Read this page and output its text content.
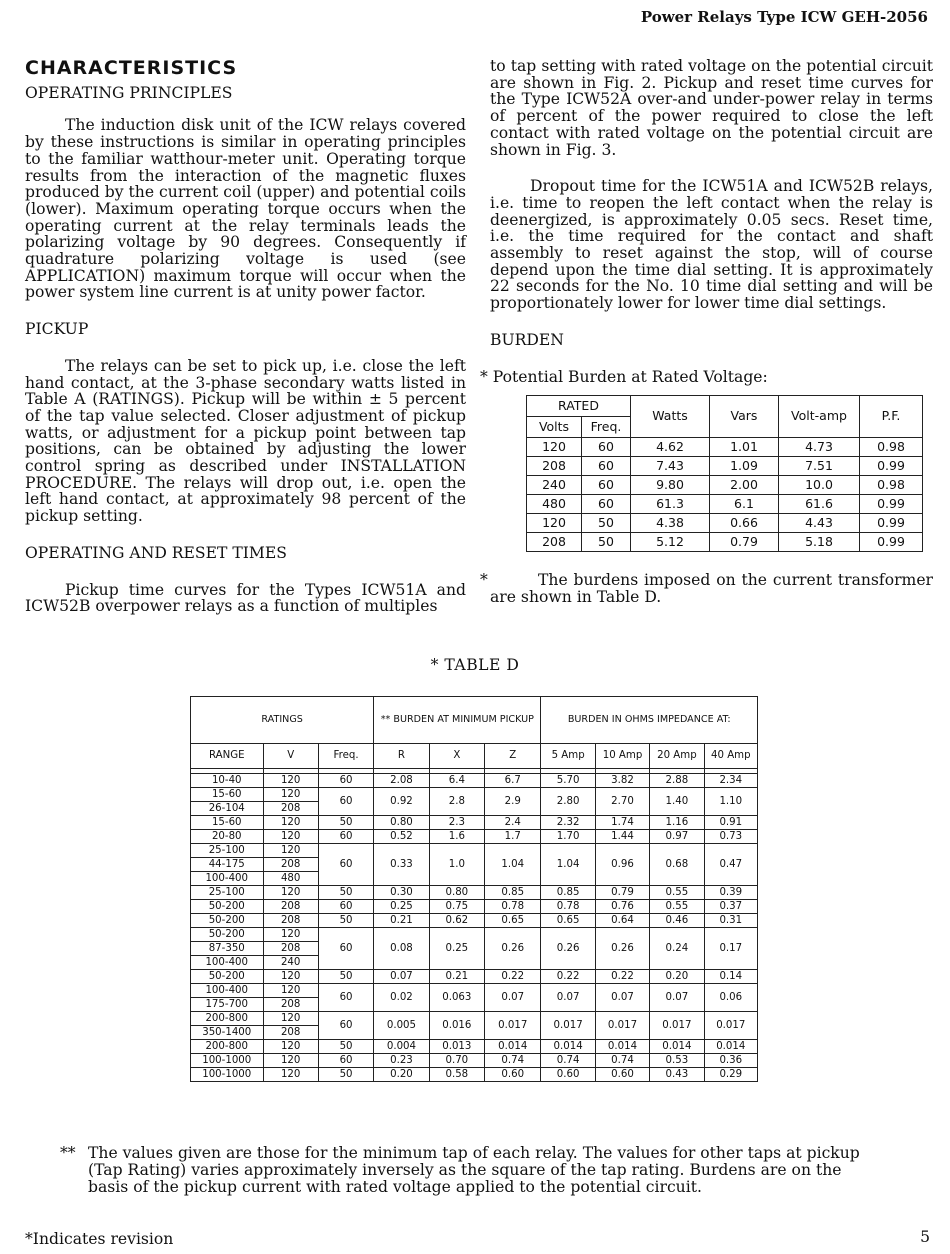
Power Relays Type ICW GEH-2056
CHARACTERISTICS
OPERATING PRINCIPLES

The induction disk unit of the ICW relays covered by these instructions is similar in operating principles to the familiar watthour-meter unit. Operating torque results from the interaction of the magnetic fluxes produced by the current coil (upper) and potential coils (lower). Maximum operating torque occurs when the operating current at the relay terminals leads the polarizing voltage by 90 degrees. Consequently if quadrature polarizing voltage is used (see APPLICATION) maximum torque will occur when the power system line current is at unity power factor.

PICKUP

The relays can be set to pick up, i.e. close the left hand contact, at the 3-phase secondary watts listed in Table A (RATINGS). Pickup will be within ± 5 percent of the tap value selected. Closer adjustment of pickup watts, or adjustment for a pickup point between tap positions, can be obtained by adjusting the lower control spring as described under INSTALLATION PROCEDURE. The relays will drop out, i.e. open the left hand contact, at approximately 98 percent of the pickup setting.

OPERATING AND RESET TIMES

Pickup time curves for the Types ICW51A and ICW52B overpower relays as a function of multiples

to tap setting with rated voltage on the potential circuit are shown in Fig. 2. Pickup and reset time curves for the Type ICW52A over-and under-power relay in terms of percent of the power required to close the left contact with rated voltage on the potential circuit are shown in Fig. 3.

Dropout time for the ICW51A and ICW52B relays, i.e. time to reopen the left contact when the relay is deenergized, is approximately 0.05 secs. Reset time, i.e. the time required for the contact and shaft assembly to reset against the stop, will of course depend upon the time dial setting. It is approximately 22 seconds for the No. 10 time dial setting and will be proportionately lower for lower time dial settings.

BURDEN
* Potential Burden at Rated Voltage:
RATED		Watts	Vars	Volt-amp	P.F.
Volts	Freq.				
120	60	4.62	1.01	4.73	0.98
208	60	7.43	1.09	7.51	0.99
240	60	9.80	2.00	10.0	0.98
480	60	61.3	6.1	61.6	0.99
120	50	4.38	0.66	4.43	0.99
208	50	5.12	0.79	5.18	0.99
*	The burdens imposed on the current transformer are shown in Table D.

* TABLE D
RATINGS			** BURDEN AT MINIMUM PICKUP			BURDEN IN OHMS IMPEDANCE AT:			
RANGE	V	Freq.	R	X	Z	5 Amp	10 Amp	20 Amp	40 Amp

10-40	120	60	2.08	6.4	6.7	5.70	3.82	2.88	2.34
15-60	120	60	0.92	2.8	2.9	2.80	2.70	1.40	1.10
26-104	208								
15-60	120	50	0.80	2.3	2.4	2.32	1.74	1.16	0.91
20-80	120	60	0.52	1.6	1.7	1.70	1.44	0.97	0.73
25-100	120	60	0.33	1.0	1.04	1.04	0.96	0.68	0.47
44-175	208								
100-400	480								
25-100	120	50	0.30	0.80	0.85	0.85	0.79	0.55	0.39
50-200	208	60	0.25	0.75	0.78	0.78	0.76	0.55	0.37
50-200	208	50	0.21	0.62	0.65	0.65	0.64	0.46	0.31
50-200	120	60	0.08	0.25	0.26	0.26	0.26	0.24	0.17
87-350	208								
100-400	240								
50-200	120	50	0.07	0.21	0.22	0.22	0.22	0.20	0.14
100-400	120	60	0.02	0.063	0.07	0.07	0.07	0.07	0.06
175-700	208								
200-800	120	60	0.005	0.016	0.017	0.017	0.017	0.017	0.017
350-1400	208								
200-800	120	50	0.004	0.013	0.014	0.014	0.014	0.014	0.014
100-1000	120	60	0.23	0.70	0.74	0.74	0.74	0.53	0.36
100-1000	120	50	0.20	0.58	0.60	0.60	0.60	0.43	0.29
** The values given are those for the minimum tap of each relay. The values for other taps at pickup (Tap Rating) varies approximately inversely as the square of the tap rating. Burdens are on the basis of the pickup current with rated voltage applied to the potential circuit.
*Indicates revision	5
